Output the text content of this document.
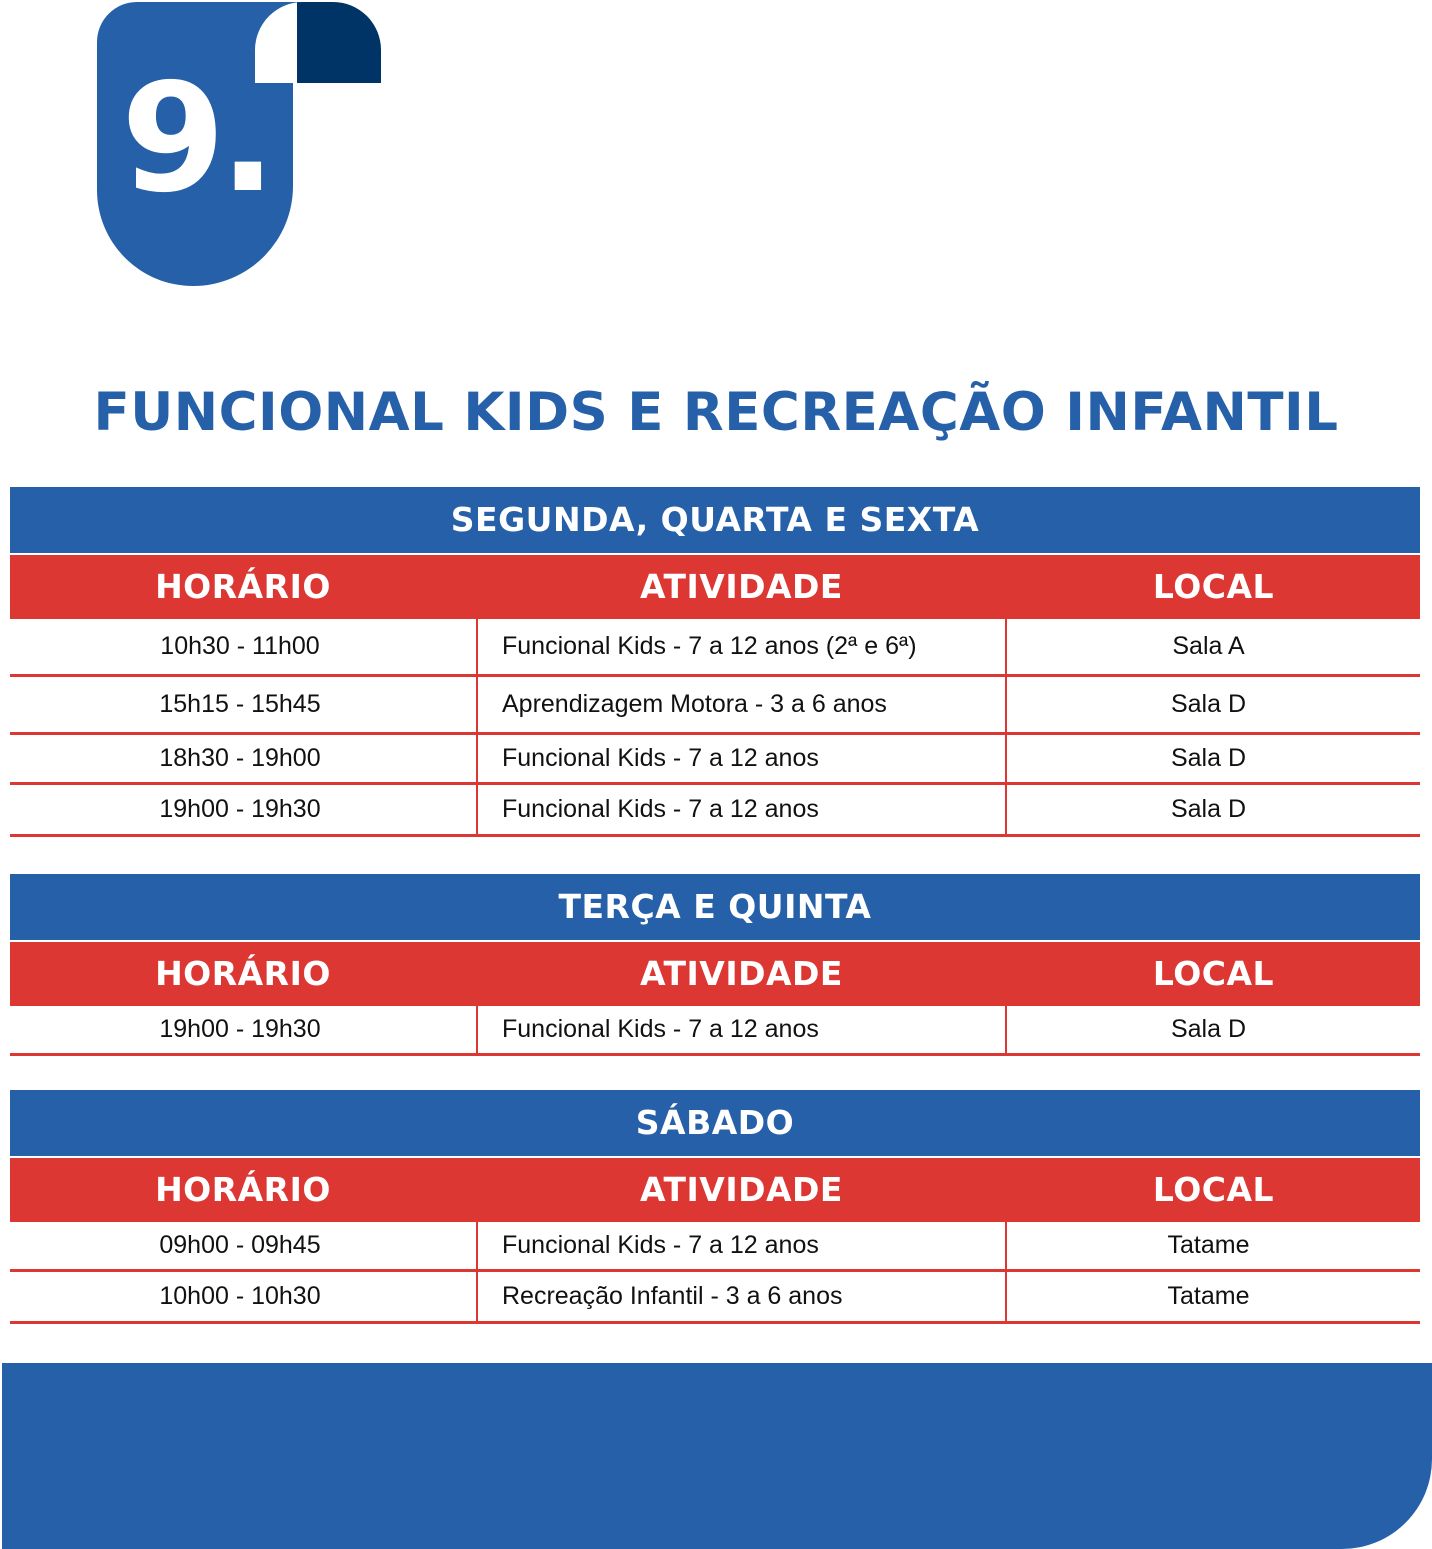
9.

FUNCIONAL KIDS E RECREAÇÃO INFANTIL
SEGUNDA, QUARTA E SEXTA
HORÁRIO	ATIVIDADE	LOCAL
10h30 - 11h00	Funcional Kids - 7 a 12 anos (2ª e 6ª)	Sala A
15h15 - 15h45	Aprendizagem Motora - 3 a 6 anos	Sala D
18h30 - 19h00	Funcional Kids - 7 a 12 anos	Sala D
19h00 - 19h30	Funcional Kids - 7 a 12 anos	Sala D
TERÇA E QUINTA
HORÁRIO	ATIVIDADE	LOCAL
19h00 - 19h30	Funcional Kids - 7 a 12 anos	Sala D
SÁBADO
HORÁRIO	ATIVIDADE	LOCAL
09h00 - 09h45	Funcional Kids - 7 a 12 anos	Tatame
10h00 - 10h30	Recreação Infantil - 3 a 6 anos	Tatame
